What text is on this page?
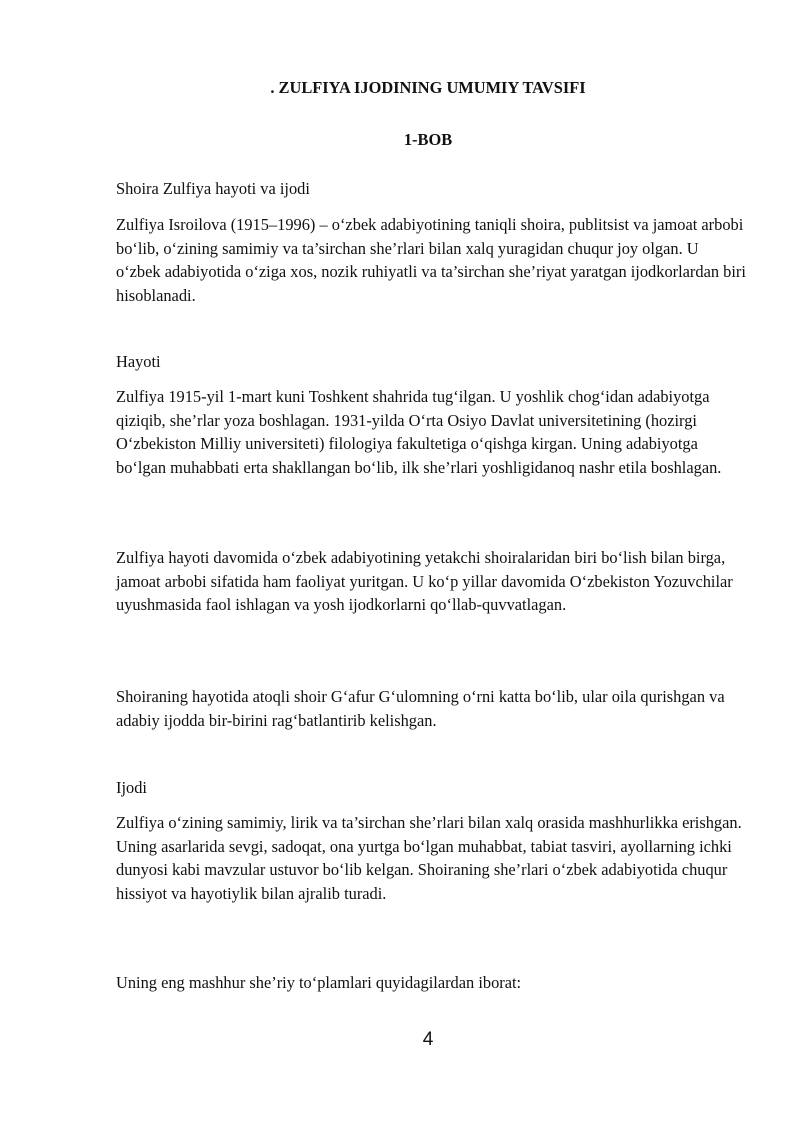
. ZULFIYA IJODINING UMUMIY TAVSIFI
1-BOB

Shoira Zulfiya hayoti va ijodi

Zulfiya Isroilova (1915–1996) – o‘zbek adabiyotining taniqli shoira, publitsist va jamoat arbobi bo‘lib, o‘zining samimiy va ta’sirchan she’rlari bilan xalq yuragidan chuqur joy olgan. U o‘zbek adabiyotida o‘ziga xos, nozik ruhiyatli va ta’sirchan she’riyat yaratgan ijodkorlardan biri hisoblanadi.

Hayoti

Zulfiya 1915-yil 1-mart kuni Toshkent shahrida tug‘ilgan. U yoshlik chog‘idan adabiyotga qiziqib, she’rlar yoza boshlagan. 1931-yilda O‘rta Osiyo Davlat universitetining (hozirgi O‘zbekiston Milliy universiteti) filologiya fakultetiga o‘qishga kirgan. Uning adabiyotga bo‘lgan muhabbati erta shakllangan bo‘lib, ilk she’rlari yoshligidanoq nashr etila boshlagan.

Zulfiya hayoti davomida o‘zbek adabiyotining yetakchi shoiralaridan biri bo‘lish bilan birga, jamoat arbobi sifatida ham faoliyat yuritgan. U ko‘p yillar davomida O‘zbekiston Yozuvchilar uyushmasida faol ishlagan va yosh ijodkorlarni qo‘llab-quvvatlagan.

Shoiraning hayotida atoqli shoir G‘afur G‘ulomning o‘rni katta bo‘lib, ular oila qurishgan va adabiy ijodda bir-birini rag‘batlantirib kelishgan.

Ijodi

Zulfiya o‘zining samimiy, lirik va ta’sirchan she’rlari bilan xalq orasida mashhurlikka erishgan. Uning asarlarida sevgi, sadoqat, ona yurtga bo‘lgan muhabbat, tabiat tasviri, ayollarning ichki dunyosi kabi mavzular ustuvor bo‘lib kelgan. Shoiraning she’rlari o‘zbek adabiyotida chuqur hissiyot va hayotiylik bilan ajralib turadi.

Uning eng mashhur she’riy to‘plamlari quyidagilardan iborat:

4
